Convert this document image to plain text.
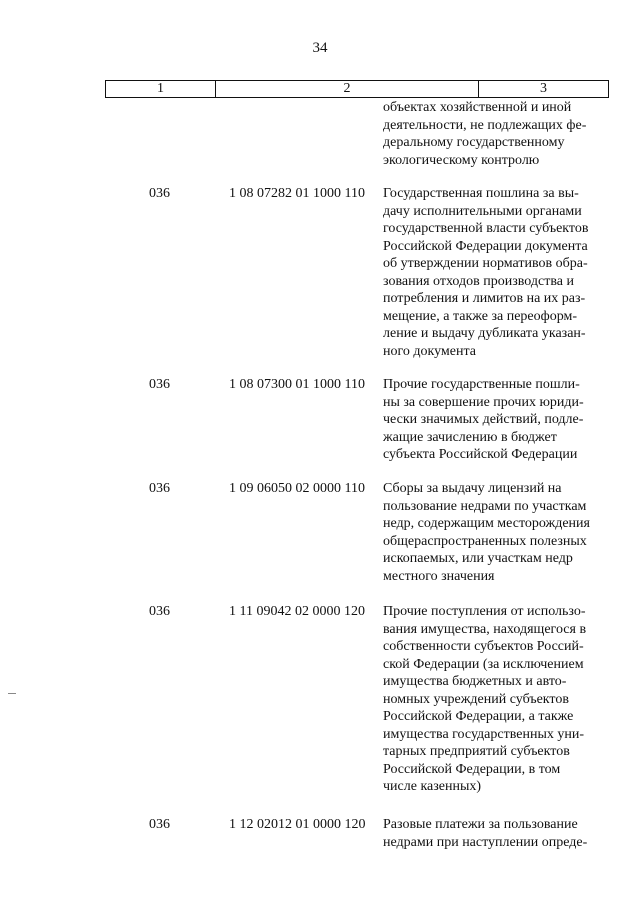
34
1	2	3
объектах хозяйственной и иной
деятельности, не подлежащих фе-
деральному государственному
экологическому контролю
036	1 08 07282 01 1000 110 Государственная пошлина за вы-
дачу исполнительными органами
государственной власти субъектов
Российской Федерации документа
об утверждении нормативов обра-
зования отходов производства и
потребления и лимитов на их раз-
мещение, а также за переоформ-
ление и выдачу дубликата указан-
ного документа
036	1 08 07300 01 1000 110 Прочие государственные пошли-
ны за совершение прочих юриди-
чески значимых действий, подле-
жащие зачислению в бюджет
субъекта Российской Федерации
036	1 09 06050 02 0000 110 Сборы за выдачу лицензий на
пользование недрами по участкам
недр, содержащим месторождения
общераспространенных полезных
ископаемых, или участкам недр
местного значения
036	1 11 09042 02 0000 120 Прочие поступления от использо-
вания имущества, находящегося в
собственности субъектов Россий-
ской Федерации (за исключением
имущества бюджетных и авто-
номных учреждений субъектов
Российской Федерации, а также
имущества государственных уни-
тарных предприятий субъектов
Российской Федерации, в том
числе казенных)
036	1 12 02012 01 0000 120 Разовые платежи за пользование
недрами при наступлении опреде-
